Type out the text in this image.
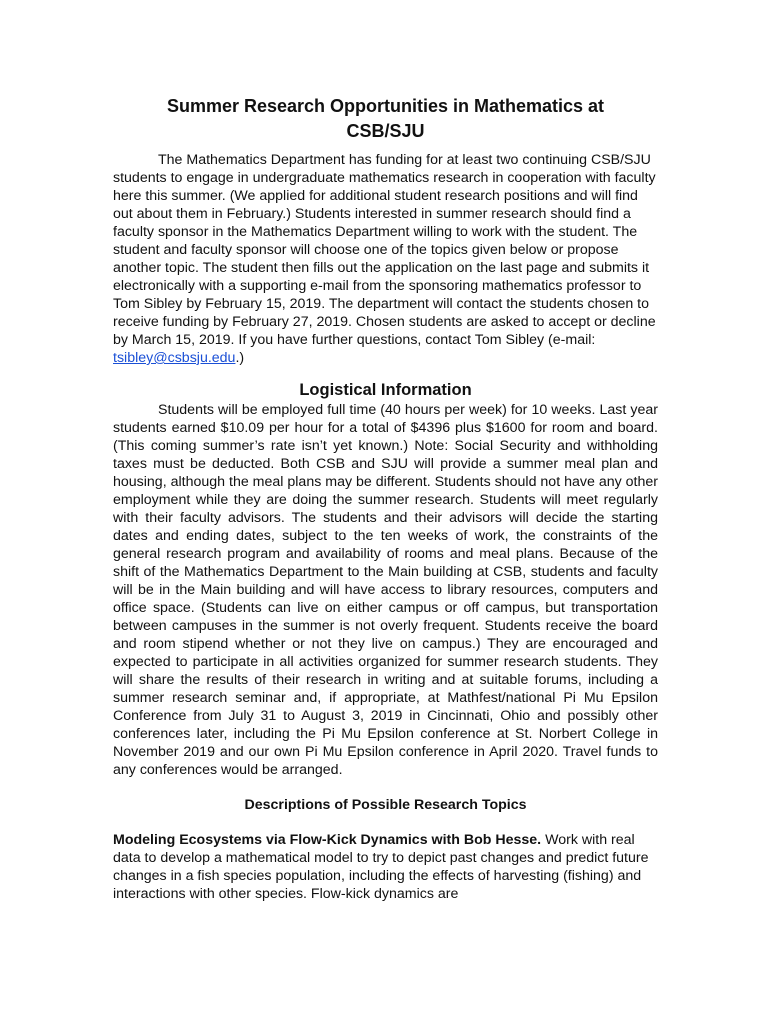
Summer Research Opportunities in Mathematics at
CSB/SJU

The Mathematics Department has funding for at least two continuing CSB/SJU students to engage in undergraduate mathematics research in cooperation with faculty here this summer. (We applied for additional student research positions and will find out about them in February.) Students interested in summer research should find a faculty sponsor in the Mathematics Department willing to work with the student. The student and faculty sponsor will choose one of the topics given below or propose another topic. The student then fills out the application on the last page and submits it electronically with a supporting e-mail from the sponsoring mathematics professor to Tom Sibley by February 15, 2019. The department will contact the students chosen to receive funding by February 27, 2019. Chosen students are asked to accept or decline by March 15, 2019. If you have further questions, contact Tom Sibley (e-mail: tsibley@csbsju.edu.)

Logistical Information

Students will be employed full time (40 hours per week) for 10 weeks. Last year students earned $10.09 per hour for a total of $4396 plus $1600 for room and board. (This coming summer’s rate isn’t yet known.) Note: Social Security and withholding taxes must be deducted. Both CSB and SJU will provide a summer meal plan and housing, although the meal plans may be different. Students should not have any other employment while they are doing the summer research. Students will meet regularly with their faculty advisors. The students and their advisors will decide the starting dates and ending dates, subject to the ten weeks of work, the constraints of the general research program and availability of rooms and meal plans. Because of the shift of the Mathematics Department to the Main building at CSB, students and faculty will be in the Main building and will have access to library resources, computers and office space. (Students can live on either campus or off campus, but transportation between campuses in the summer is not overly frequent. Students receive the board and room stipend whether or not they live on campus.) They are encouraged and expected to participate in all activities organized for summer research students. They will share the results of their research in writing and at suitable forums, including a summer research seminar and, if appropriate, at Mathfest/national Pi Mu Epsilon Conference from July 31 to August 3, 2019 in Cincinnati, Ohio and possibly other conferences later, including the Pi Mu Epsilon conference at St. Norbert College in November 2019 and our own Pi Mu Epsilon conference in April 2020. Travel funds to any conferences would be arranged.

Descriptions of Possible Research Topics

Modeling Ecosystems via Flow-Kick Dynamics with Bob Hesse. Work with real data to develop a mathematical model to try to depict past changes and predict future changes in a fish species population, including the effects of harvesting (fishing) and interactions with other species. Flow-kick dynamics are
